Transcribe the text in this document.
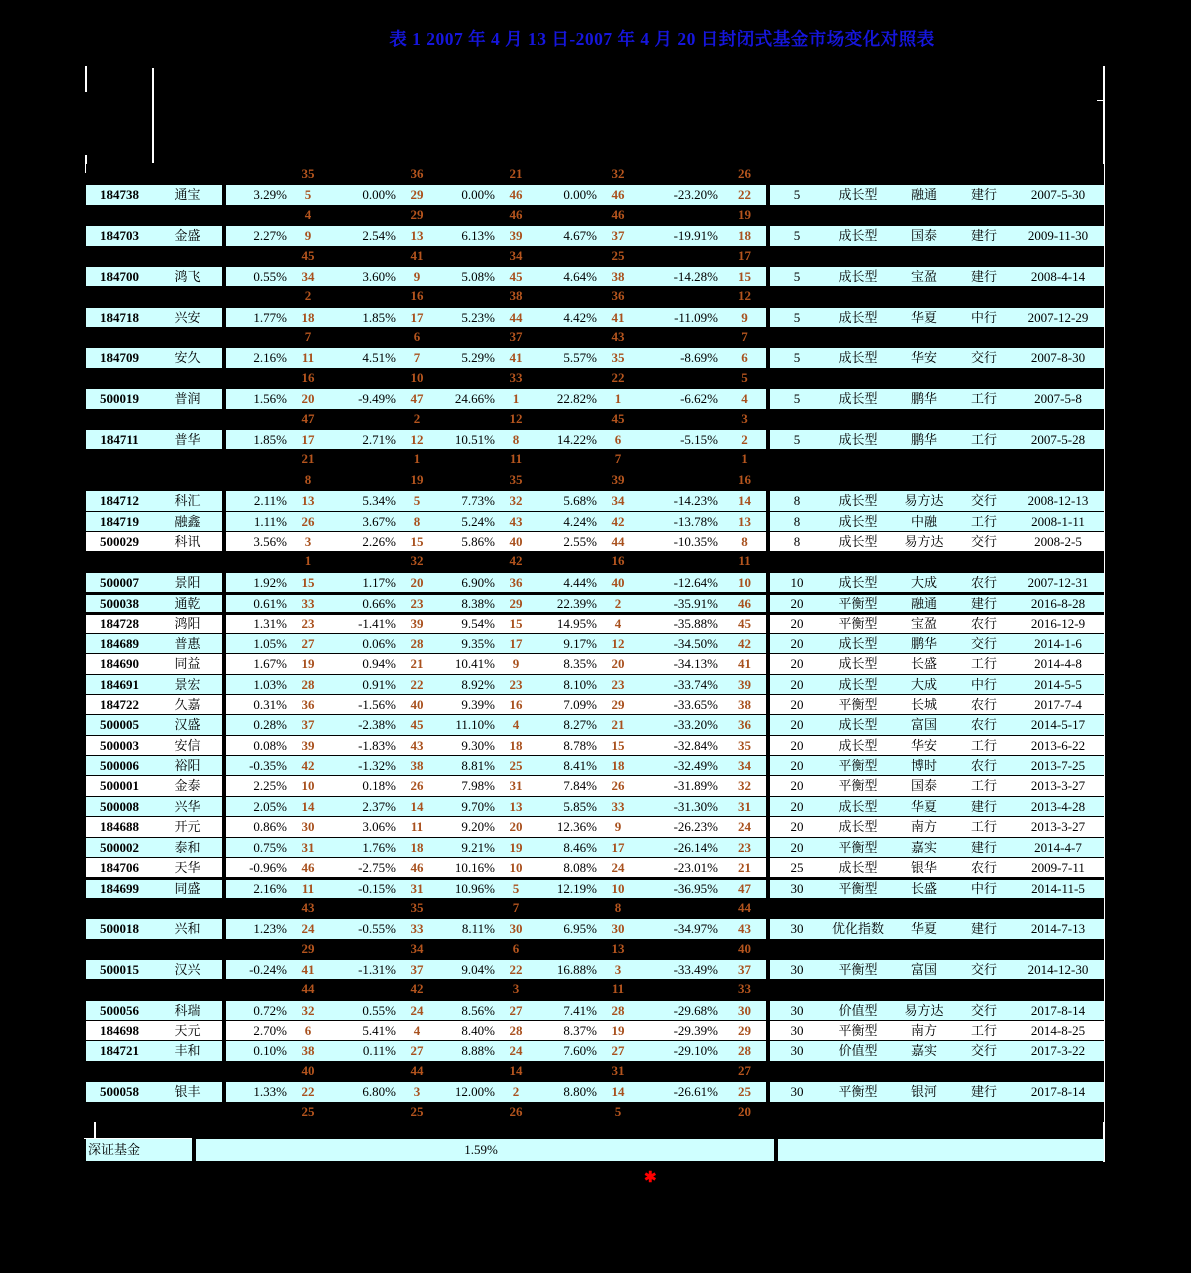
表 1 2007 年 4 月 13 日-2007 年 4 月 20 日封闭式基金市场变化对照表
35	36	21	32	26
184738	通宝	3.29%	5	0.00%	29	0.00%	46	0.00%	46	-23.20%	22	5	成长型	融通	建行	2007-5-30
4	29	46	46	19
184703	金盛	2.27%	9	2.54%	13	6.13%	39	4.67%	37	-19.91%	18	5	成长型	国泰	建行	2009-11-30
45	41	34	25	17
184700	鸿飞	0.55%	34	3.60%	9	5.08%	45	4.64%	38	-14.28%	15	5	成长型	宝盈	建行	2008-4-14
2	16	38	36	12
184718	兴安	1.77%	18	1.85%	17	5.23%	44	4.42%	41	-11.09%	9	5	成长型	华夏	中行	2007-12-29
7	6	37	43	7
184709	安久	2.16%	11	4.51%	7	5.29%	41	5.57%	35	-8.69%	6	5	成长型	华安	交行	2007-8-30
16	10	33	22	5
500019	普润	1.56%	20	-9.49%	47	24.66%	1	22.82%	1	-6.62%	4	5	成长型	鹏华	工行	2007-5-8
47	2	12	45	3
184711	普华	1.85%	17	2.71%	12	10.51%	8	14.22%	6	-5.15%	2	5	成长型	鹏华	工行	2007-5-28
21	1	11	7	1
8	19	35	39	16
184712	科汇	2.11%	13	5.34%	5	7.73%	32	5.68%	34	-14.23%	14	8	成长型	易方达	交行	2008-12-13
184719	融鑫	1.11%	26	3.67%	8	5.24%	43	4.24%	42	-13.78%	13	8	成长型	中融	工行	2008-1-11
500029	科讯	3.56%	3	2.26%	15	5.86%	40	2.55%	44	-10.35%	8	8	成长型	易方达	交行	2008-2-5
1	32	42	16	11
500007	景阳	1.92%	15	1.17%	20	6.90%	36	4.44%	40	-12.64%	10	10	成长型	大成	农行	2007-12-31
500038	通乾	0.61%	33	0.66%	23	8.38%	29	22.39%	2	-35.91%	46	20	平衡型	融通	建行	2016-8-28
184728	鸿阳	1.31%	23	-1.41%	39	9.54%	15	14.95%	4	-35.88%	45	20	平衡型	宝盈	农行	2016-12-9
184689	普惠	1.05%	27	0.06%	28	9.35%	17	9.17%	12	-34.50%	42	20	成长型	鹏华	交行	2014-1-6
184690	同益	1.67%	19	0.94%	21	10.41%	9	8.35%	20	-34.13%	41	20	成长型	长盛	工行	2014-4-8
184691	景宏	1.03%	28	0.91%	22	8.92%	23	8.10%	23	-33.74%	39	20	成长型	大成	中行	2014-5-5
184722	久嘉	0.31%	36	-1.56%	40	9.39%	16	7.09%	29	-33.65%	38	20	平衡型	长城	农行	2017-7-4
500005	汉盛	0.28%	37	-2.38%	45	11.10%	4	8.27%	21	-33.20%	36	20	成长型	富国	农行	2014-5-17
500003	安信	0.08%	39	-1.83%	43	9.30%	18	8.78%	15	-32.84%	35	20	成长型	华安	工行	2013-6-22
500006	裕阳	-0.35%	42	-1.32%	38	8.81%	25	8.41%	18	-32.49%	34	20	平衡型	博时	农行	2013-7-25
500001	金泰	2.25%	10	0.18%	26	7.98%	31	7.84%	26	-31.89%	32	20	平衡型	国泰	工行	2013-3-27
500008	兴华	2.05%	14	2.37%	14	9.70%	13	5.85%	33	-31.30%	31	20	成长型	华夏	建行	2013-4-28
184688	开元	0.86%	30	3.06%	11	9.20%	20	12.36%	9	-26.23%	24	20	成长型	南方	工行	2013-3-27
500002	泰和	0.75%	31	1.76%	18	9.21%	19	8.46%	17	-26.14%	23	20	平衡型	嘉实	建行	2014-4-7
184706	天华	-0.96%	46	-2.75%	46	10.16%	10	8.08%	24	-23.01%	21	25	成长型	银华	农行	2009-7-11
184699	同盛	2.16%	11	-0.15%	31	10.96%	5	12.19%	10	-36.95%	47	30	平衡型	长盛	中行	2014-11-5
43	35	7	8	44
500018	兴和	1.23%	24	-0.55%	33	8.11%	30	6.95%	30	-34.97%	43	30	优化指数	华夏	建行	2014-7-13
29	34	6	13	40
500015	汉兴	-0.24%	41	-1.31%	37	9.04%	22	16.88%	3	-33.49%	37	30	平衡型	富国	交行	2014-12-30
44	42	3	11	33
500056	科瑞	0.72%	32	0.55%	24	8.56%	27	7.41%	28	-29.68%	30	30	价值型	易方达	交行	2017-8-14
184698	天元	2.70%	6	5.41%	4	8.40%	28	8.37%	19	-29.39%	29	30	平衡型	南方	工行	2014-8-25
184721	丰和	0.10%	38	0.11%	27	8.88%	24	7.60%	27	-29.10%	28	30	价值型	嘉实	交行	2017-3-22
40	44	14	31	27
500058	银丰	1.33%	22	6.80%	3	12.00%	2	8.80%	14	-26.61%	25	30	平衡型	银河	建行	2017-8-14
25	25	26	5	20
深证基金	1.59%
✱
